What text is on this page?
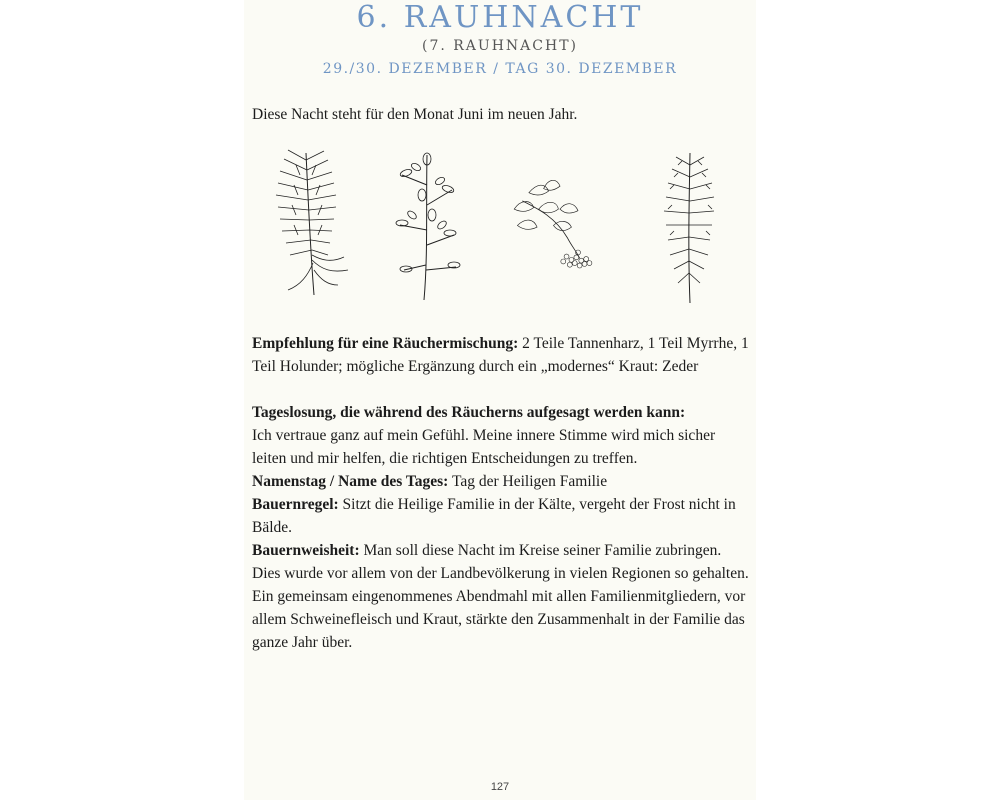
6. RAUHNACHT
(7. RAUHNACHT)
29./30. DEZEMBER / TAG 30. DEZEMBER

Diese Nacht steht für den Monat Juni im neuen Jahr.

Empfehlung für eine Räuchermischung: 2 Teile Tannenharz, 1 Teil Myrrhe, 1 Teil Holunder; mögliche Ergänzung durch ein „modernes“ Kraut: Zeder

Tageslosung, die während des Räucherns aufgesagt werden kann:
Ich vertraue ganz auf mein Gefühl. Meine innere Stimme wird mich sicher leiten und mir helfen, die richtigen Entscheidungen zu treffen.

Namenstag / Name des Tages: Tag der Heiligen Familie

Bauernregel: Sitzt die Heilige Familie in der Kälte, vergeht der Frost nicht in Bälde.

Bauernweisheit: Man soll diese Nacht im Kreise seiner Familie zubringen. Dies wurde vor allem von der Landbevölkerung in vielen Regionen so gehalten. Ein gemeinsam eingenommenes Abendmahl mit allen Familienmitgliedern, vor allem Schweinefleisch und Kraut, stärkte den Zusammenhalt in der Familie das ganze Jahr über.

127
